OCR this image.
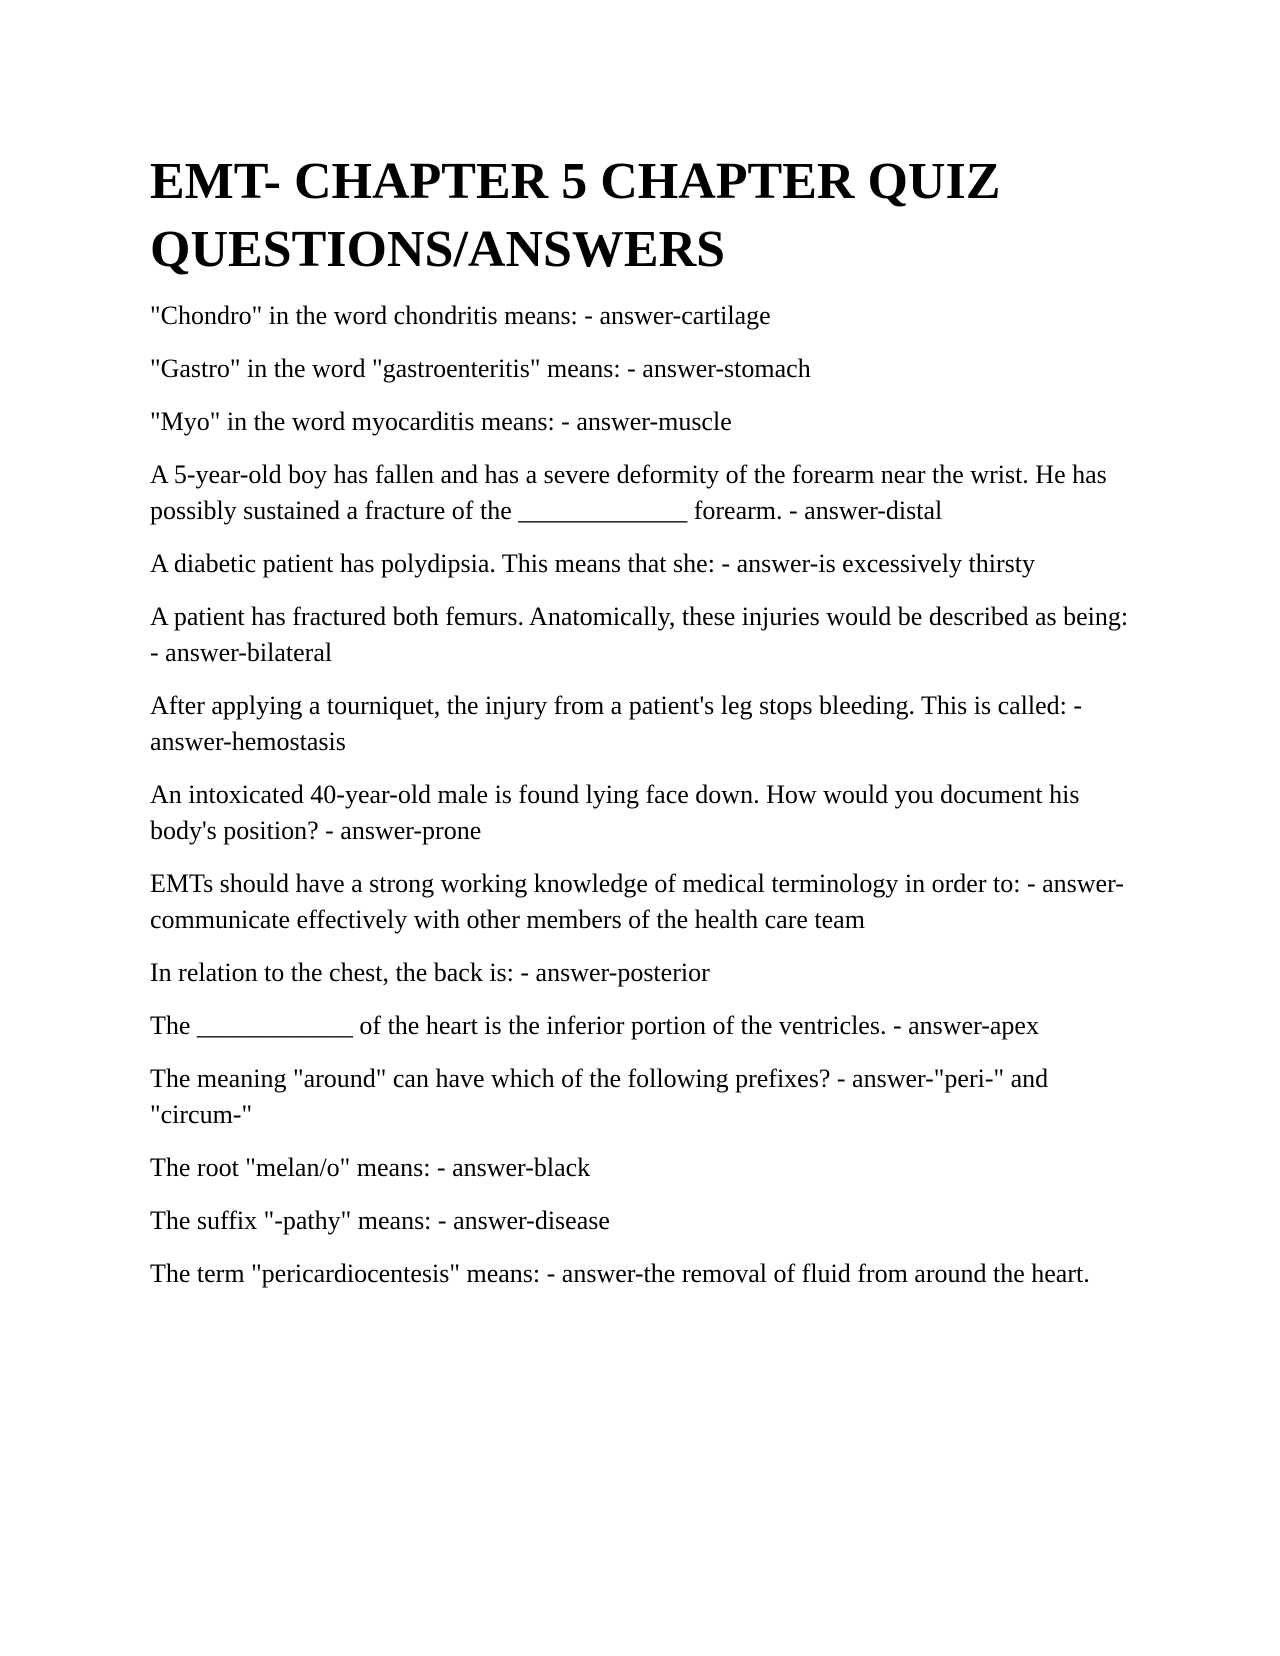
EMT- CHAPTER 5 CHAPTER QUIZ QUESTIONS/ANSWERS

"Chondro" in the word chondritis means: - answer-cartilage

"Gastro" in the word "gastroenteritis" means: - answer-stomach

"Myo" in the word myocarditis means: - answer-muscle

A 5-year-old boy has fallen and has a severe deformity of the forearm near the wrist. He has possibly sustained a fracture of the _____________ forearm. - answer-distal

A diabetic patient has polydipsia. This means that she: - answer-is excessively thirsty

A patient has fractured both femurs. Anatomically, these injuries would be described as being: - answer-bilateral

After applying a tourniquet, the injury from a patient's leg stops bleeding. This is called: - answer-hemostasis

An intoxicated 40-year-old male is found lying face down. How would you document his body's position? - answer-prone

EMTs should have a strong working knowledge of medical terminology in order to: - answer-communicate effectively with other members of the health care team

In relation to the chest, the back is: - answer-posterior

The ____________ of the heart is the inferior portion of the ventricles. - answer-apex

The meaning "around" can have which of the following prefixes? - answer-"peri-" and "circum-"

The root "melan/o" means: - answer-black

The suffix "-pathy" means: - answer-disease

The term "pericardiocentesis" means: - answer-the removal of fluid from around the heart.
